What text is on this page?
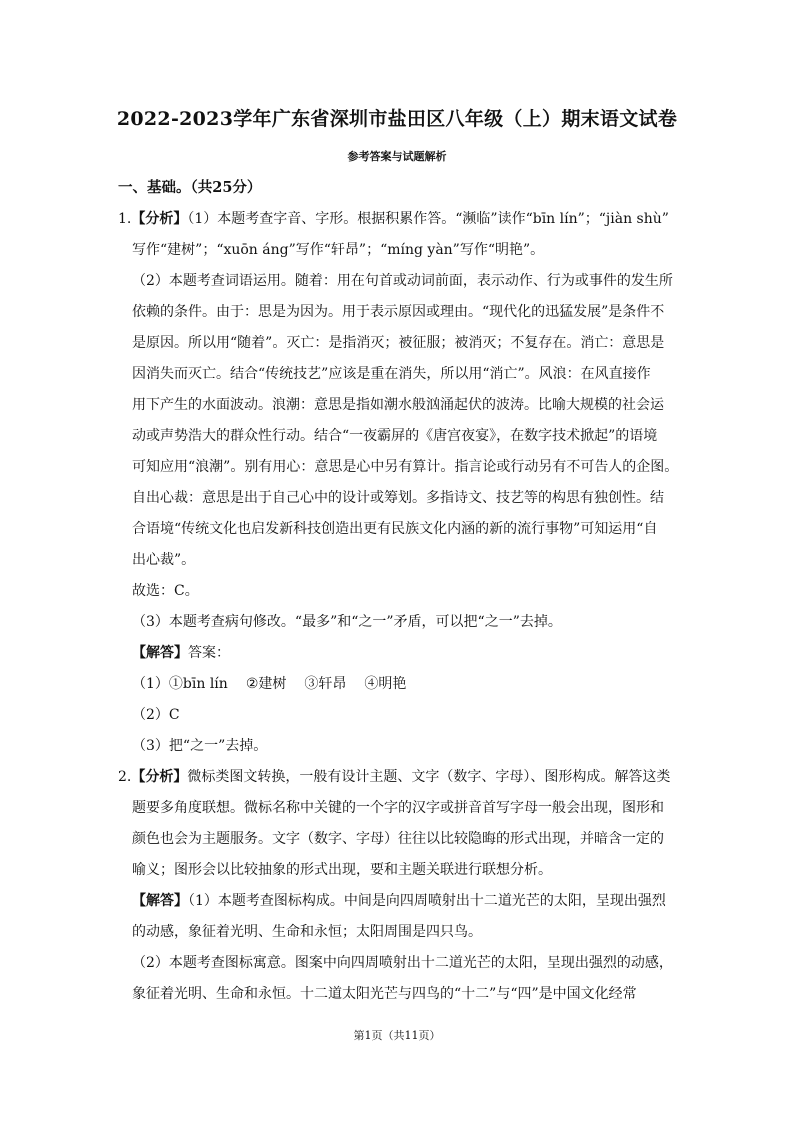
2022-2023学年广东省深圳市盐田区八年级（上）期末语文试卷
参考答案与试题解析
一、基础。（共25分）
1.【分析】（1）本题考查字音、字形。根据积累作答。“濒临”读作“bīn lín”；“jiàn shù”
写作“建树”；“xuōn áng”写作“轩昂”；“míng yàn”写作“明艳”。
（2）本题考查词语运用。随着：用在句首或动词前面，表示动作、行为或事件的发生所
依赖的条件。由于：思是为因为。用于表示原因或理由。“现代化的迅猛发展”是条件不
是原因。所以用“随着”。灭亡：是指消灭；被征服；被消灭；不复存在。消亡：意思是
因消失而灭亡。结合“传统技艺”应该是重在消失，所以用“消亡”。风浪：在风直接作
用下产生的水面波动。浪潮：意思是指如潮水般汹涌起伏的波涛。比喻大规模的社会运
动或声势浩大的群众性行动。结合“一夜霸屏的《唐宫夜宴》，在数字技术掀起”的语境
可知应用“浪潮”。别有用心：意思是心中另有算计。指言论或行动另有不可告人的企图。
自出心裁：意思是出于自己心中的设计或筹划。多指诗文、技艺等的构思有独创性。结
合语境“传统文化也启发新科技创造出更有民族文化内涵的新的流行事物”可知运用“自
出心裁”。
故选：C。
（3）本题考查病句修改。“最多”和“之一”矛盾，可以把“之一”去掉。
【解答】答案：
（1）①bīn lín ②建树 ③轩昂 ④明艳
（2）C
（3）把“之一”去掉。
2.【分析】微标类图文转换，一般有设计主题、文字（数字、字母）、图形构成。解答这类
题要多角度联想。微标名称中关键的一个字的汉字或拼音首写字母一般会出现，图形和
颜色也会为主题服务。文字（数字、字母）往往以比较隐晦的形式出现，并暗含一定的
喻义；图形会以比较抽象的形式出现，要和主题关联进行联想分析。
【解答】（1）本题考查图标构成。中间是向四周喷射出十二道光芒的太阳，呈现出强烈
的动感，象征着光明、生命和永恒；太阳周围是四只鸟。
（2）本题考查图标寓意。图案中向四周喷射出十二道光芒的太阳，呈现出强烈的动感，
象征着光明、生命和永恒。十二道太阳光芒与四鸟的“十二”与“四”是中国文化经常
第1页（共11页）
